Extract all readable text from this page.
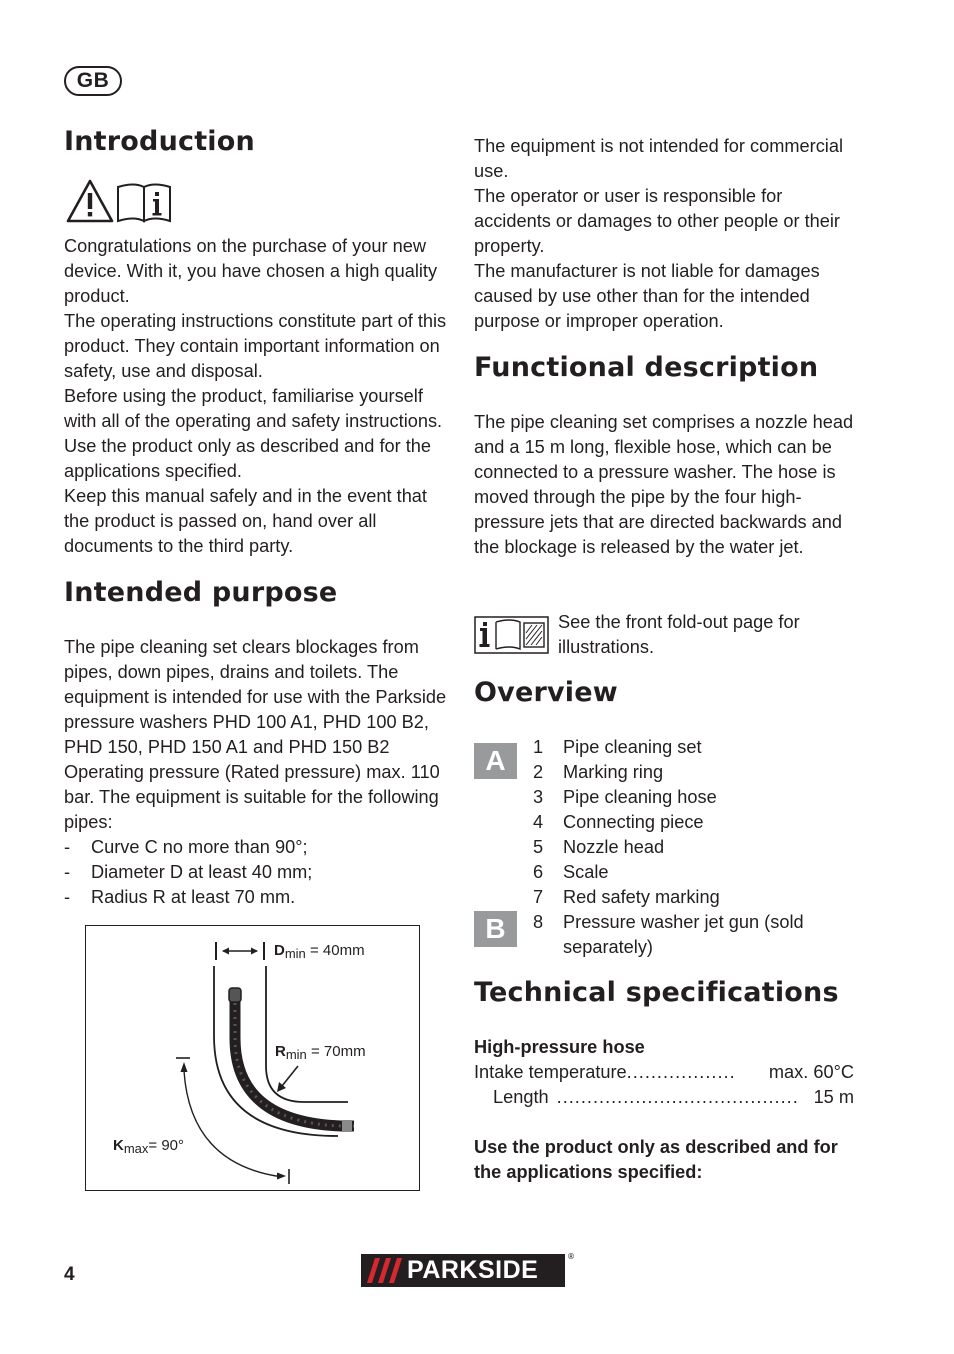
GB
Introduction

Congratulations on the purchase of your new device. With it, you have chosen a high quality product.

The operating instructions constitute part of this product. They contain important information on safety, use and disposal.

Before using the product, familiarise yourself with all of the operating and safety instructions. Use the product only as described and for the applications specified.

Keep this manual safely and in the event that the product is passed on, hand over all documents to the third party.

Intended purpose

The pipe cleaning set clears blockages from pipes, down pipes, drains and toilets. The equipment is intended for use with the Parkside pressure washers PHD 100 A1, PHD 100 B2, PHD 150, PHD 150 A1 and PHD 150 B2 Operating pressure (Rated pressure) max. 110 bar. The equipment is suitable for the following pipes:

- Curve C no more than 90°;
- Diameter D at least 40 mm;
- Radius R at least 70 mm.
$D_{min} = 40mm$
$R_{min} = 70mm$
$K_{max}= 90^\circ$

The equipment is not intended for commercial use.

The operator or user is responsible for accidents or damages to other people or their property.

The manufacturer is not liable for damages caused by use other than for the intended purpose or improper operation.

Functional description
The pipe cleaning set comprises a nozzle head and a 15 m long, flexible hose, which can be connected to a pressure washer. The hose is moved through the pipe by the four high-pressure jets that are directed backwards and the blockage is released by the water jet.
See the front fold-out page for illustrations.
Overview
A
B
1	Pipe cleaning set
2	Marking ring
3	Pipe cleaning hose
4	Connecting piece
5	Nozzle head
6	Scale
7	Red safety marking
8	Pressure washer jet gun (sold separately)
Technical specifications
High-pressure hose
Intake temperature ..................	max. 60°C
Length ........................................ 15 m
Use the product only as described and for the applications specified:
4	PARKSIDE	®
